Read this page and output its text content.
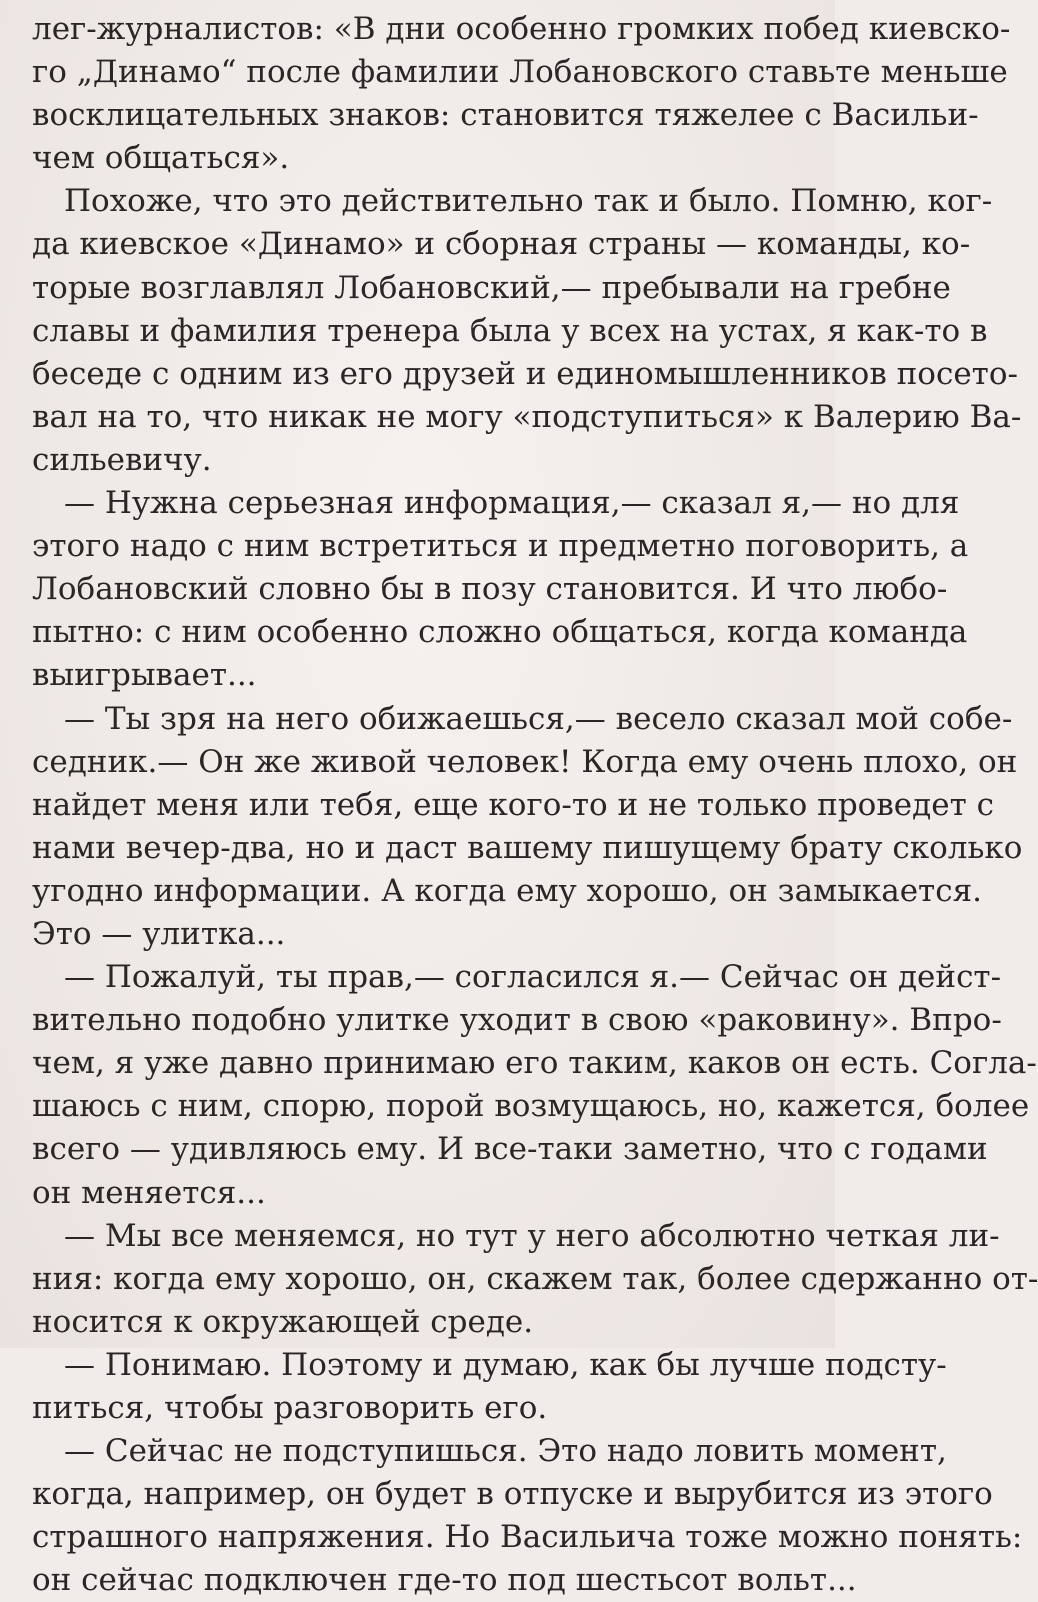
лег-журналистов: «В дни особенно громких побед киевско-
го „Динамо“ после фамилии Лобановского ставьте меньше
восклицательных знаков: становится тяжелее с Васильи-
чем общаться».
Похоже, что это действительно так и было. Помню, ког-
да киевское «Динамо» и сборная страны — команды, ко-
торые возглавлял Лобановский,— пребывали на гребне
славы и фамилия тренера была у всех на устах, я как-то в
беседе с одним из его друзей и единомышленников посето-
вал на то, что никак не могу «подступиться» к Валерию Ва-
сильевичу.
— Нужна серьезная информация,— сказал я,— но для
этого надо с ним встретиться и предметно поговорить, а
Лобановский словно бы в позу становится. И что любо-
пытно: с ним особенно сложно общаться, когда команда
выигрывает...
— Ты зря на него обижаешься,— весело сказал мой собе-
седник.— Он же живой человек! Когда ему очень плохо, он
найдет меня или тебя, еще кого-то и не только проведет с
нами вечер-два, но и даст вашему пишущему брату сколько
угодно информации. А когда ему хорошо, он замыкается.
Это — улитка...
— Пожалуй, ты прав,— согласился я.— Сейчас он дейст-
вительно подобно улитке уходит в свою «раковину». Впро-
чем, я уже давно принимаю его таким, каков он есть. Согла-
шаюсь с ним, спорю, порой возмущаюсь, но, кажется, более
всего — удивляюсь ему. И все-таки заметно, что с годами
он меняется...
— Мы все меняемся, но тут у него абсолютно четкая ли-
ния: когда ему хорошо, он, скажем так, более сдержанно от-
носится к окружающей среде.
— Понимаю. Поэтому и думаю, как бы лучше подсту-
питься, чтобы разговорить его.
— Сейчас не подступишься. Это надо ловить момент,
когда, например, он будет в отпуске и вырубится из этого
страшного напряжения. Но Васильича тоже можно понять:
он сейчас подключен где-то под шестьсот вольт...
